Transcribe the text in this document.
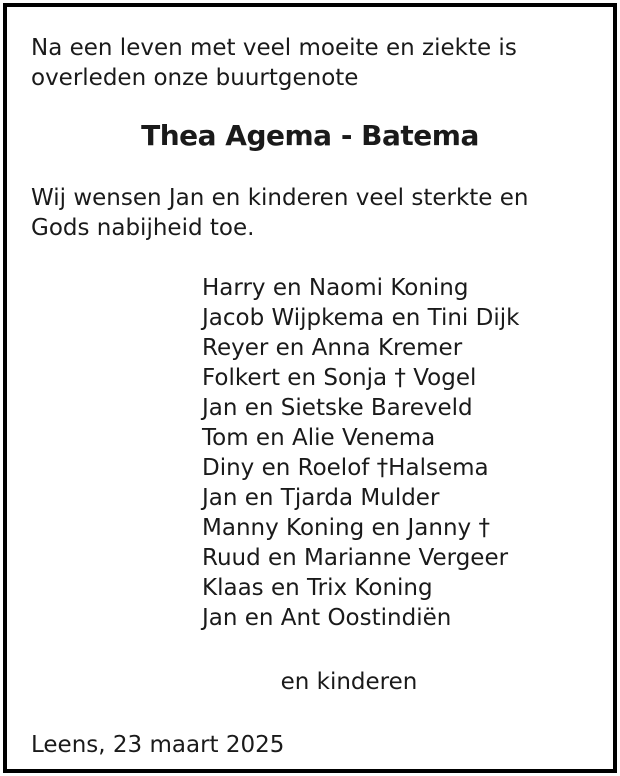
Na een leven met veel moeite en ziekte is
overleden onze buurtgenote
Thea Agema - Batema
Wij wensen Jan en kinderen veel sterkte en
Gods nabijheid toe.
Harry en Naomi Koning
Jacob Wijpkema en Tini Dijk
Reyer en Anna Kremer
Folkert en Sonja † Vogel
Jan en Sietske Bareveld
Tom en Alie Venema
Diny en Roelof †Halsema
Jan en Tjarda Mulder
Manny Koning en Janny †
Ruud en Marianne Vergeer
Klaas en Trix Koning
Jan en Ant Oostindiën
en kinderen
Leens, 23 maart 2025
